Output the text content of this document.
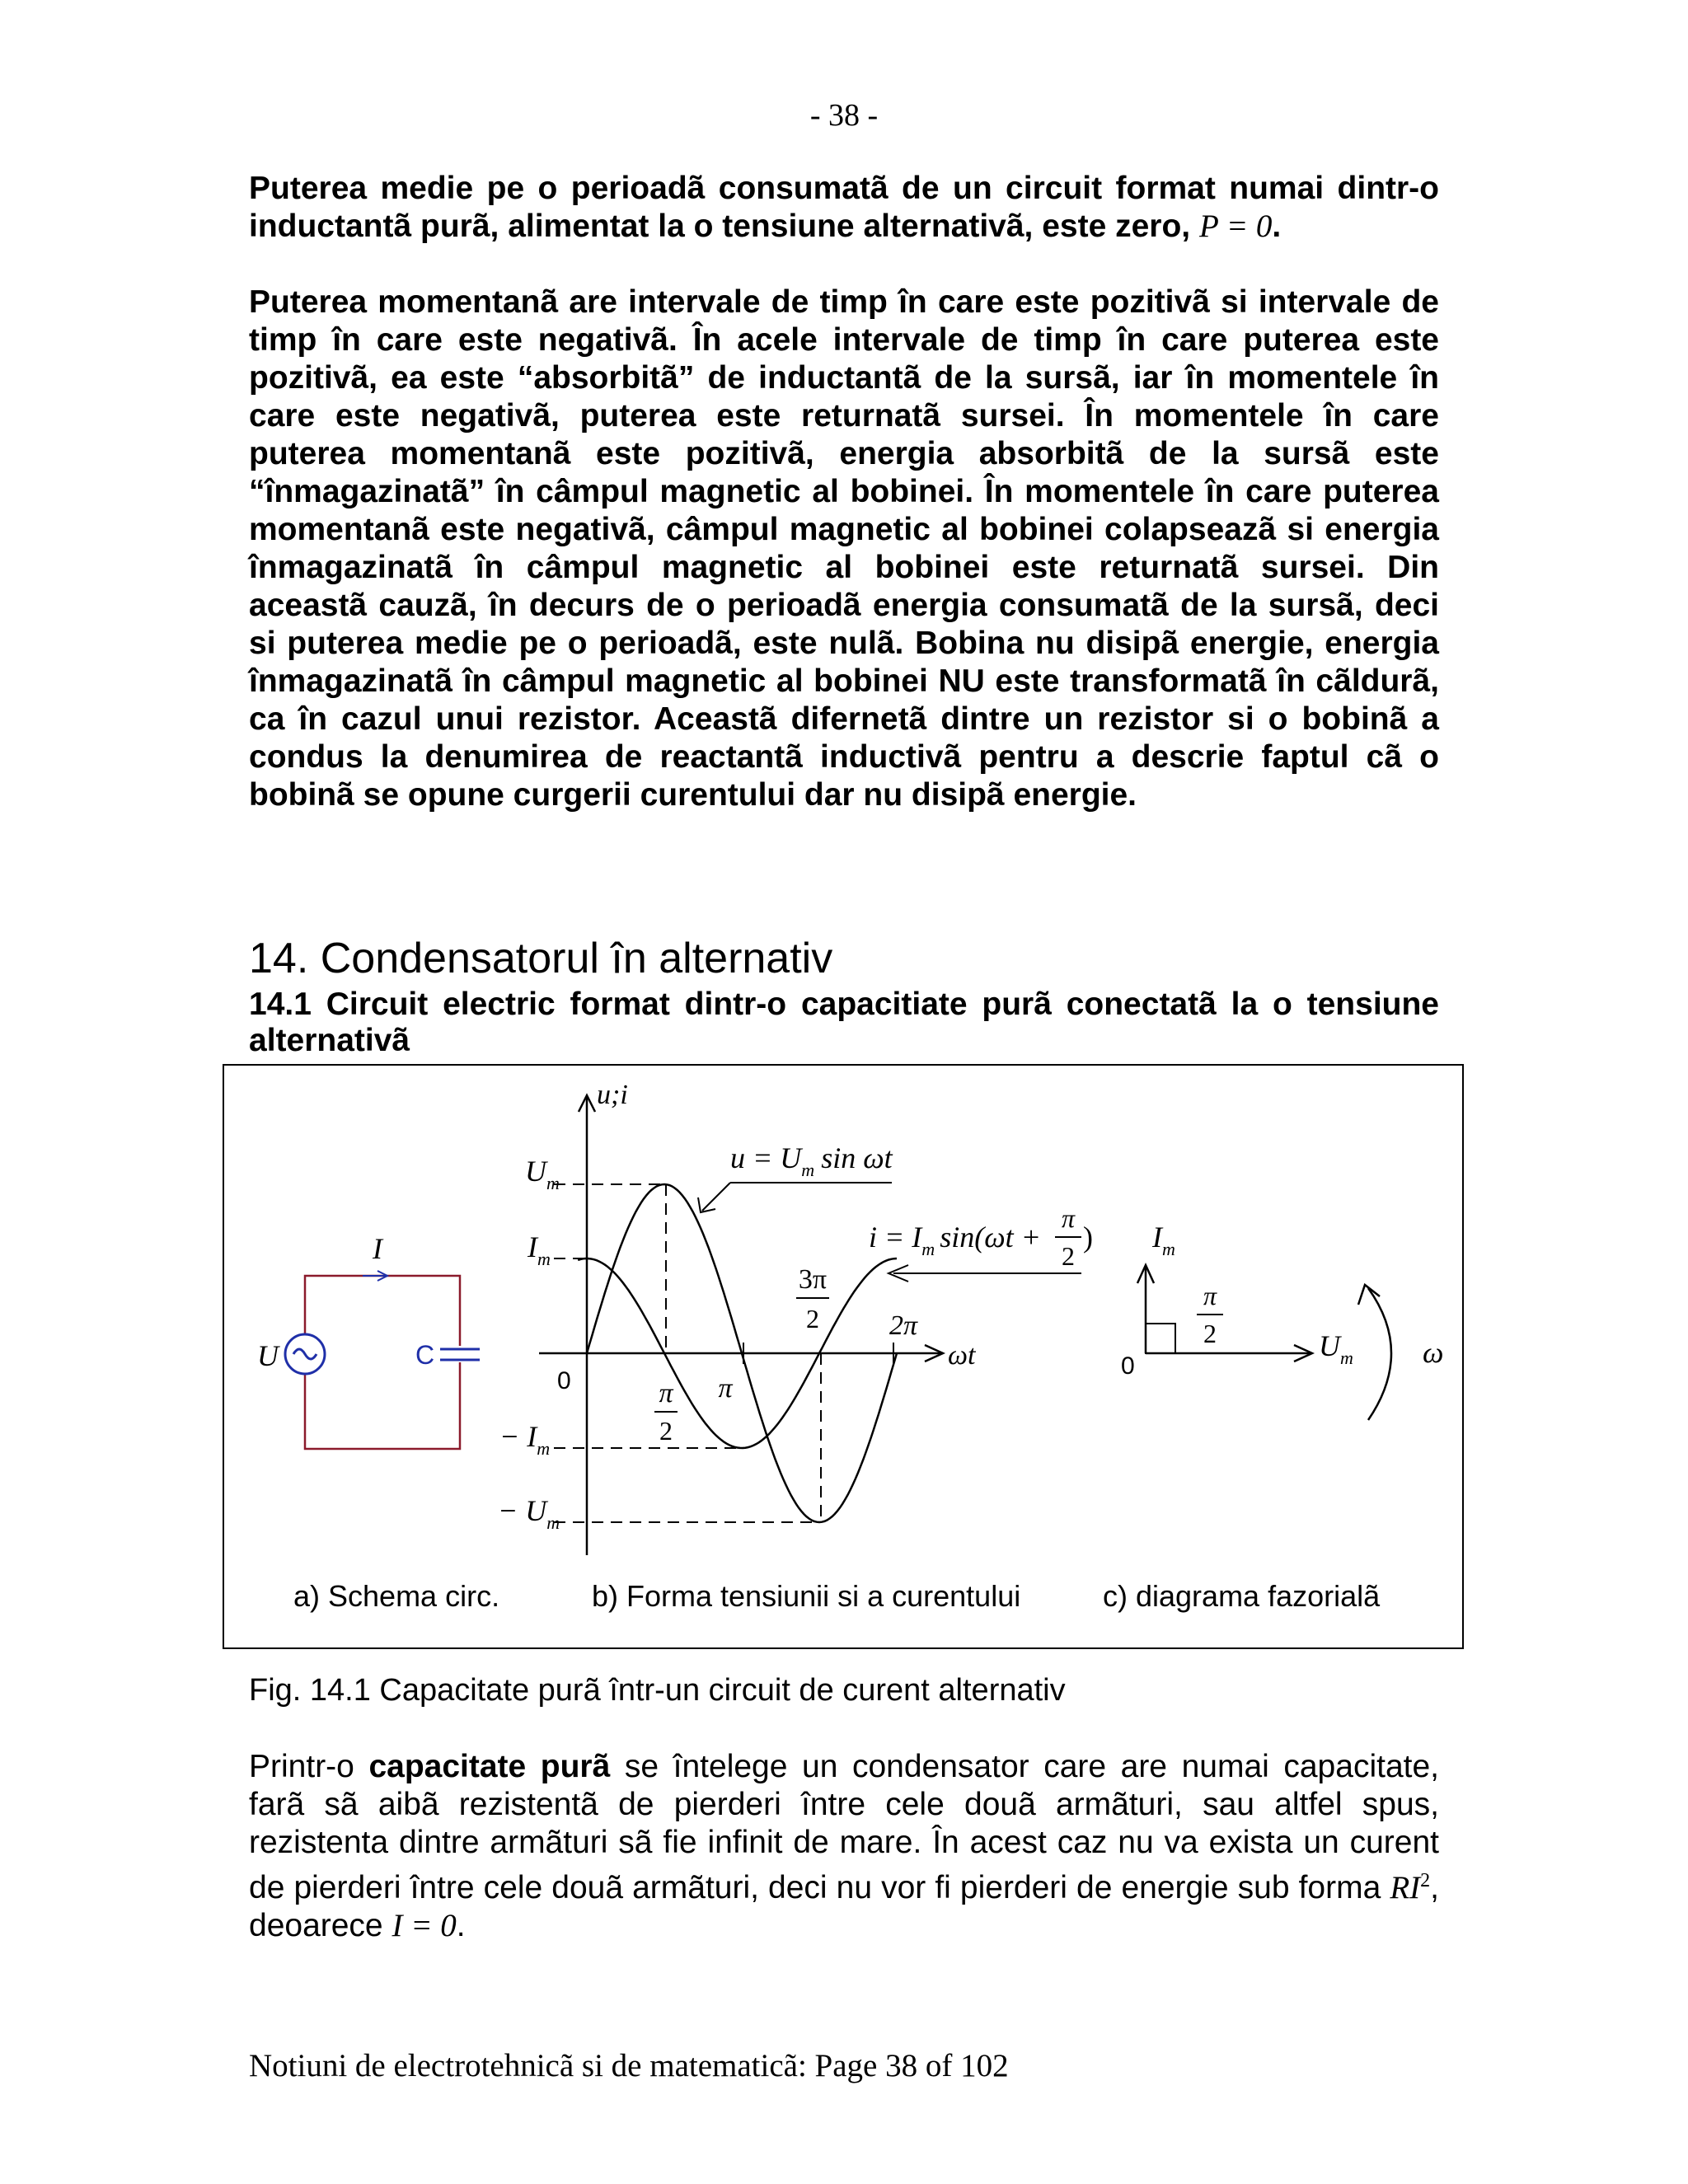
- 38 -

Puterea medie pe o perioadã consumatã de un circuit format numai dintr-o inductantã purã, alimentat la o tensiune alternativã, este zero, P = 0.

Puterea momentanã are intervale de timp în care este pozitivã si intervale de timp în care este negativã. În acele intervale de timp în care puterea este pozitivã, ea este “absorbitã” de inductantã de la sursã, iar în momentele în care este negativã, puterea este returnatã sursei. În momentele în care puterea momentanã este pozitivã, energia absorbitã de la sursã este “înmagazinatã” în câmpul magnetic al bobinei. În momentele în care puterea momentanã este negativã, câmpul magnetic al bobinei colapseazã si energia înmagazinatã în câmpul magnetic al bobinei este returnatã sursei. Din aceastã cauzã, în decurs de o perioadã energia consumatã de la sursã, deci si puterea medie pe o perioadã, este nulã. Bobina nu disipã energie, energia înmagazinatã în câmpul magnetic al bobinei NU este transformatã în cãldurã, ca în cazul unui rezistor. Aceastã difernetã dintre un rezistor si o bobinã a condus la denumirea de reactantã inductivã pentru a descrie faptul cã o bobinã se opune curgerii curentului dar nu disipã energie.

14. Condensatorul în alternativ
14.1 Circuit electric format dintr-o capacitiate purã conectatã la o tensiune alternativã
I
U	C
u;i
ωt
0
$U_m$
$I_m$
− $I_m$
− $U_m$
π
2
π
3π
2 2π
$u = U_m$ sin ωt
$i = I_m$ sin(ωt +
π
2
)
0
$I_m$
$U_m$
π
2
ω
a) Schema circ.	b) Forma tensiunii si a curentului	c) diagrama fazorialã
Fig. 14.1 Capacitate purã într-un circuit de curent alternativ

Printr-o capacitate purã se întelege un condensator care are numai capacitate, farã sã aibã rezistentã de pierderi între cele douã armãturi, sau altfel spus, rezistenta dintre armãturi sã fie infinit de mare. În acest caz nu va exista un curent de pierderi între cele douã armãturi, deci nu vor fi pierderi de energie sub forma $RI^2$, deoarece I = 0.

Notiuni de electrotehnicã si de matematicã: Page 38 of 102
